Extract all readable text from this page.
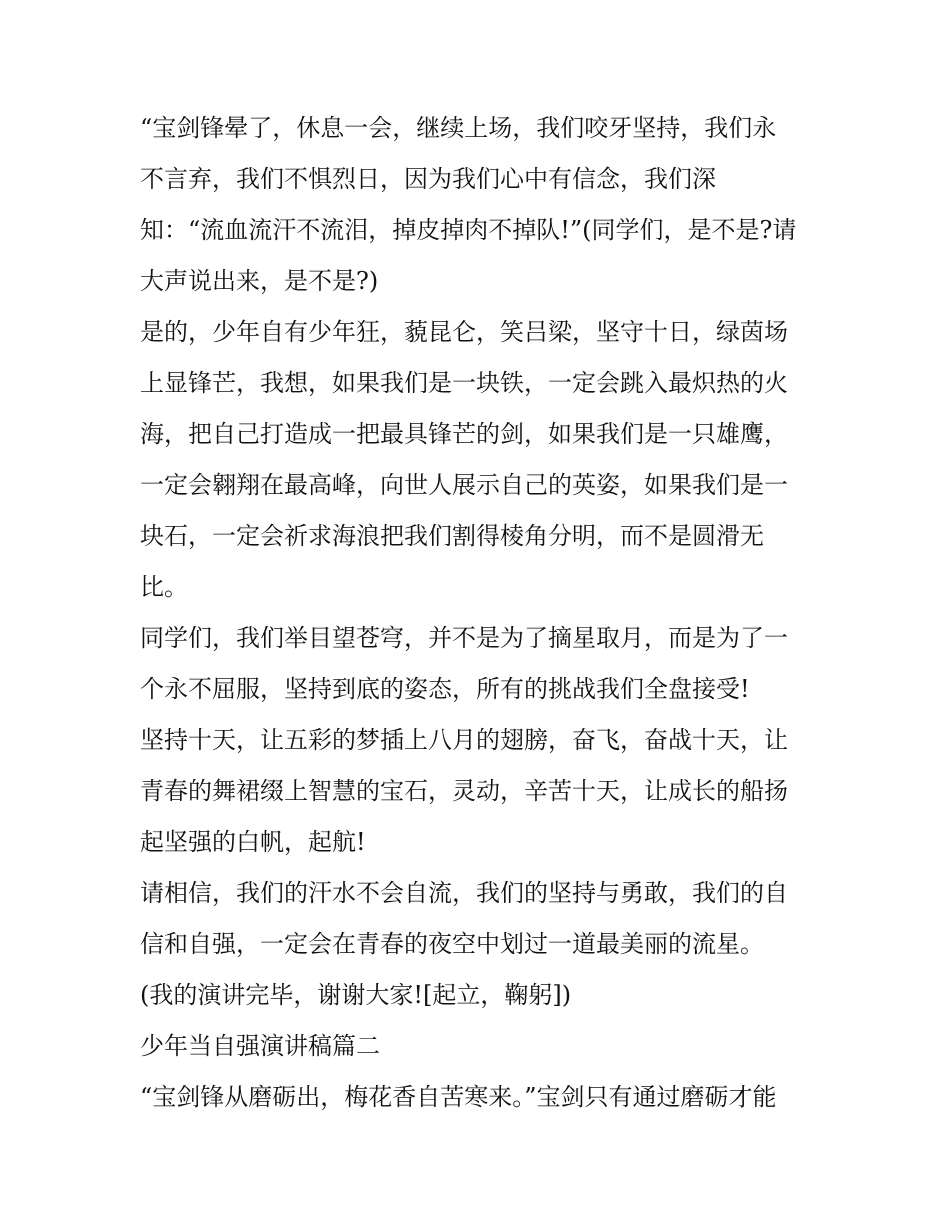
“宝剑锋晕了，休息一会，继续上场，我们咬牙坚持，我们永
不言弃，我们不惧烈日，因为我们心中有信念，我们深
知：“流血流汗不流泪，掉皮掉肉不掉队!”(同学们，是不是?请
大声说出来，是不是?)
是的，少年自有少年狂，藐昆仑，笑吕梁，坚守十日，绿茵场
上显锋芒，我想，如果我们是一块铁，一定会跳入最炽热的火
海，把自己打造成一把最具锋芒的剑，如果我们是一只雄鹰，
一定会翱翔在最高峰，向世人展示自己的英姿，如果我们是一
块石，一定会祈求海浪把我们割得棱角分明，而不是圆滑无
比。
同学们，我们举目望苍穹，并不是为了摘星取月，而是为了一
个永不屈服，坚持到底的姿态，所有的挑战我们全盘接受!
坚持十天，让五彩的梦插上八月的翅膀，奋飞，奋战十天，让
青春的舞裙缀上智慧的宝石，灵动，辛苦十天，让成长的船扬
起坚强的白帆，起航!
请相信，我们的汗水不会自流，我们的坚持与勇敢，我们的自
信和自强，一定会在青春的夜空中划过一道最美丽的流星。
(我的演讲完毕，谢谢大家![起立，鞠躬])
少年当自强演讲稿篇二
“宝剑锋从磨砺出，梅花香自苦寒来。”宝剑只有通过磨砺才能
